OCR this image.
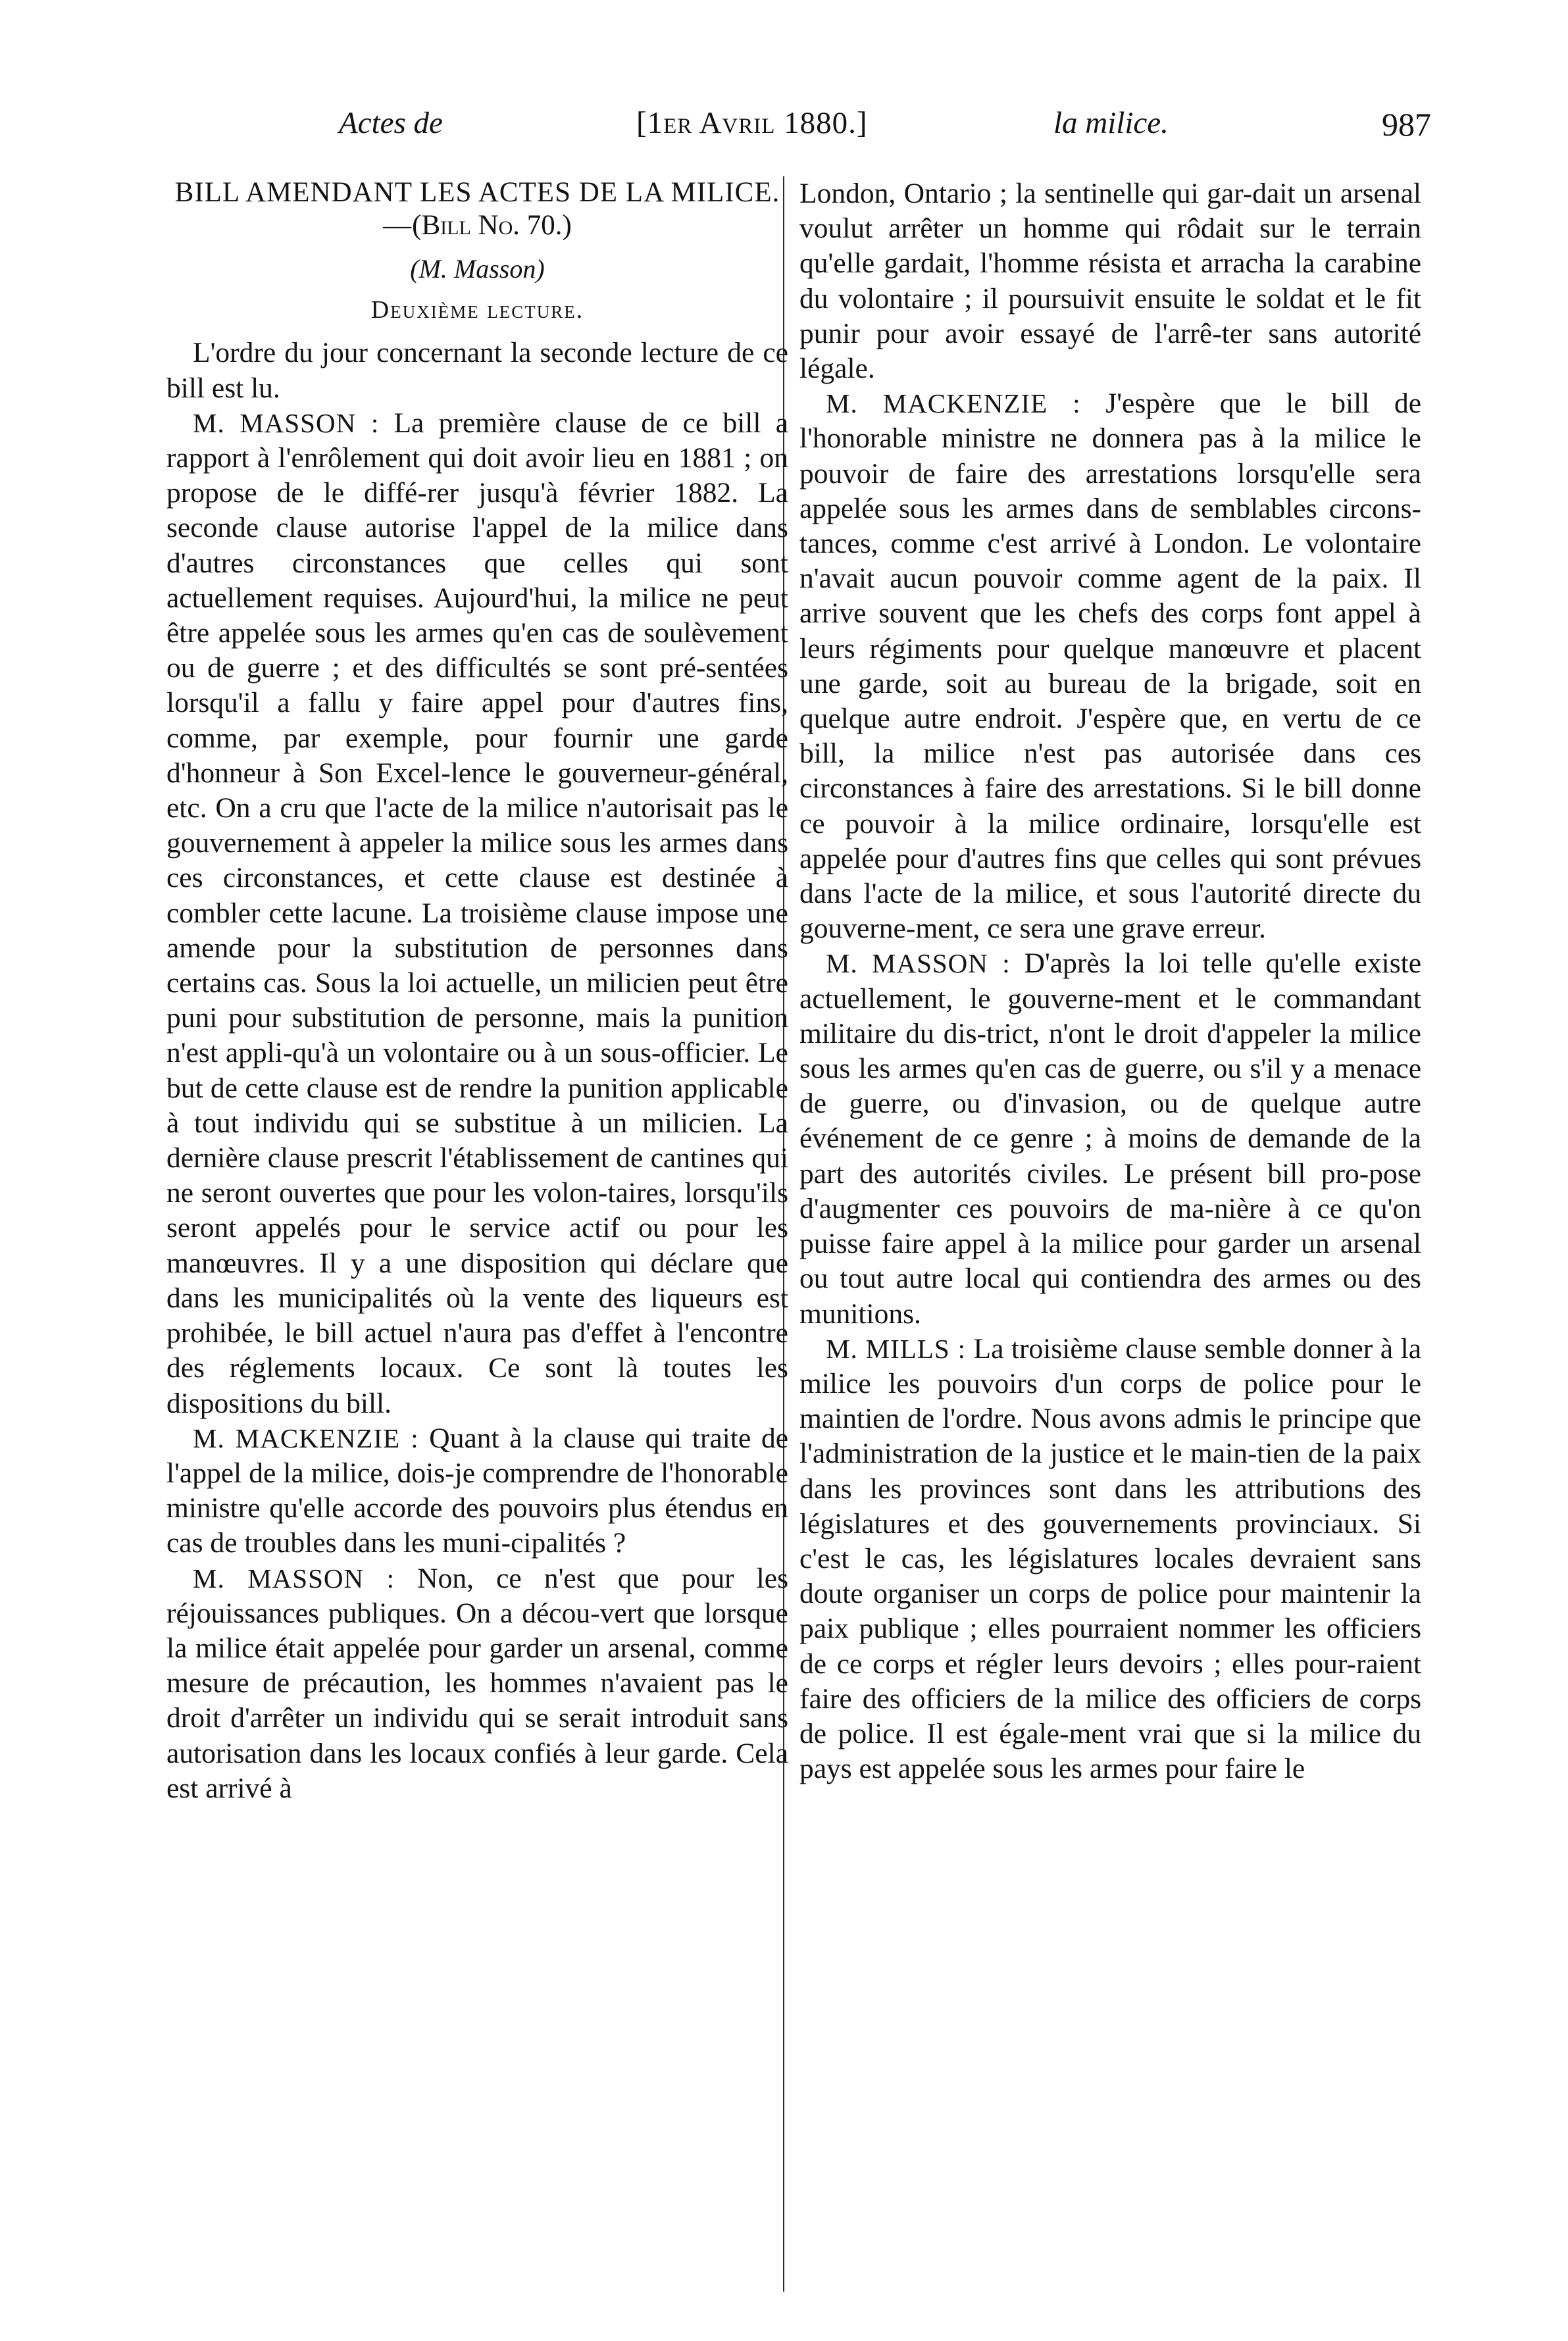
Actes de	[1er Avril 1880.]	la milice.	987

BILL AMENDANT LES ACTES DE LA MILICE.—(Bill No. 70.)

(M. Masson)

Deuxième lecture.

L'ordre du jour concernant la seconde lecture de ce bill est lu.

M. MASSON : La première clause de ce bill a rapport à l'enrôlement qui doit avoir lieu en 1881 ; on propose de le diffé-rer jusqu'à février 1882. La seconde clause autorise l'appel de la milice dans d'autres circonstances que celles qui sont actuellement requises. Aujourd'hui, la milice ne peut être appelée sous les armes qu'en cas de soulèvement ou de guerre ; et des difficultés se sont pré-sentées lorsqu'il a fallu y faire appel pour d'autres fins, comme, par exemple, pour fournir une garde d'honneur à Son Excel-lence le gouverneur-général, etc. On a cru que l'acte de la milice n'autorisait pas le gouvernement à appeler la milice sous les armes dans ces circonstances, et cette clause est destinée à combler cette lacune. La troisième clause impose une amende pour la substitution de personnes dans certains cas. Sous la loi actuelle, un milicien peut être puni pour substitution de personne, mais la punition n'est appli-qu'à un volontaire ou à un sous-officier. Le but de cette clause est de rendre la punition applicable à tout individu qui se substitue à un milicien. La dernière clause prescrit l'établissement de cantines qui ne seront ouvertes que pour les volon-taires, lorsqu'ils seront appelés pour le service actif ou pour les manœuvres. Il y a une disposition qui déclare que dans les municipalités où la vente des liqueurs est prohibée, le bill actuel n'aura pas d'effet à l'encontre des réglements locaux. Ce sont là toutes les dispositions du bill.

M. MACKENZIE : Quant à la clause qui traite de l'appel de la milice, dois-je comprendre de l'honorable ministre qu'elle accorde des pouvoirs plus étendus en cas de troubles dans les muni-cipalités ?

M. MASSON : Non, ce n'est que pour les réjouissances publiques. On a décou-vert que lorsque la milice était appelée pour garder un arsenal, comme mesure de précaution, les hommes n'avaient pas le droit d'arrêter un individu qui se serait introduit sans autorisation dans les locaux confiés à leur garde. Cela est arrivé à

London, Ontario ; la sentinelle qui gar-dait un arsenal voulut arrêter un homme qui rôdait sur le terrain qu'elle gardait, l'homme résista et arracha la carabine du volontaire ; il poursuivit ensuite le soldat et le fit punir pour avoir essayé de l'arrê-ter sans autorité légale.

M. MACKENZIE : J'espère que le bill de l'honorable ministre ne donnera pas à la milice le pouvoir de faire des arrestations lorsqu'elle sera appelée sous les armes dans de semblables circons-tances, comme c'est arrivé à London. Le volontaire n'avait aucun pouvoir comme agent de la paix. Il arrive souvent que les chefs des corps font appel à leurs régiments pour quelque manœuvre et placent une garde, soit au bureau de la brigade, soit en quelque autre endroit. J'espère que, en vertu de ce bill, la milice n'est pas autorisée dans ces circonstances à faire des arrestations. Si le bill donne ce pouvoir à la milice ordinaire, lorsqu'elle est appelée pour d'autres fins que celles qui sont prévues dans l'acte de la milice, et sous l'autorité directe du gouverne-ment, ce sera une grave erreur.

M. MASSON : D'après la loi telle qu'elle existe actuellement, le gouverne-ment et le commandant militaire du dis-trict, n'ont le droit d'appeler la milice sous les armes qu'en cas de guerre, ou s'il y a menace de guerre, ou d'invasion, ou de quelque autre événement de ce genre ; à moins de demande de la part des autorités civiles. Le présent bill pro-pose d'augmenter ces pouvoirs de ma-nière à ce qu'on puisse faire appel à la milice pour garder un arsenal ou tout autre local qui contiendra des armes ou des munitions.

M. MILLS : La troisième clause semble donner à la milice les pouvoirs d'un corps de police pour le maintien de l'ordre. Nous avons admis le principe que l'administration de la justice et le main-tien de la paix dans les provinces sont dans les attributions des législatures et des gouvernements provinciaux. Si c'est le cas, les législatures locales devraient sans doute organiser un corps de police pour maintenir la paix publique ; elles pourraient nommer les officiers de ce corps et régler leurs devoirs ; elles pour-raient faire des officiers de la milice des officiers de corps de police. Il est égale-ment vrai que si la milice du pays est appelée sous les armes pour faire le
